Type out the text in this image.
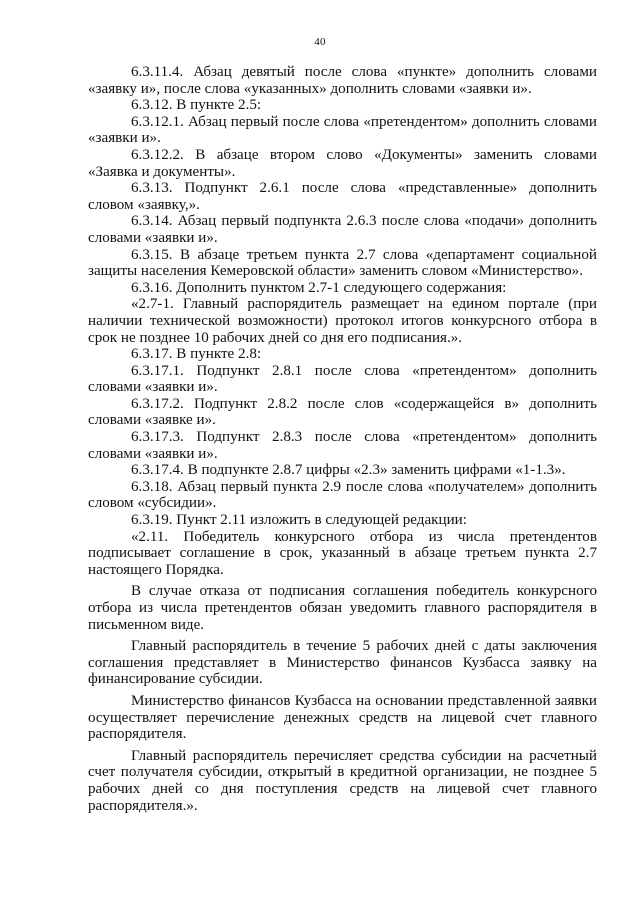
40

6.3.11.4. Абзац девятый после слова «пункте» дополнить словами «заявку и», после слова «указанных» дополнить словами «заявки и».

6.3.12. В пункте 2.5:

6.3.12.1. Абзац первый после слова «претендентом» дополнить словами «заявки и».

6.3.12.2. В абзаце втором слово «Документы» заменить словами «Заявка и документы».

6.3.13. Подпункт 2.6.1 после слова «представленные» дополнить словом «заявку,».

6.3.14. Абзац первый подпункта 2.6.3 после слова «подачи» дополнить словами «заявки и».

6.3.15. В абзаце третьем пункта 2.7 слова «департамент социальной защиты населения Кемеровской области» заменить словом «Министерство».

6.3.16. Дополнить пунктом 2.7-1 следующего содержания:

«2.7-1. Главный распорядитель размещает на едином портале (при наличии технической возможности) протокол итогов конкурсного отбора в срок не позднее 10 рабочих дней со дня его подписания.».

6.3.17. В пункте 2.8:

6.3.17.1. Подпункт 2.8.1 после слова «претендентом» дополнить словами «заявки и».

6.3.17.2. Подпункт 2.8.2 после слов «содержащейся в» дополнить словами «заявке и».

6.3.17.3. Подпункт 2.8.3 после слова «претендентом» дополнить словами «заявки и».

6.3.17.4. В подпункте 2.8.7 цифры «2.3» заменить цифрами «1-1.3».

6.3.18. Абзац первый пункта 2.9 после слова «получателем» дополнить словом «субсидии».

6.3.19. Пункт 2.11 изложить в следующей редакции:

«2.11. Победитель конкурсного отбора из числа претендентов подписывает соглашение в срок, указанный в абзаце третьем пункта 2.7 настоящего Порядка.

В случае отказа от подписания соглашения победитель конкурсного отбора из числа претендентов обязан уведомить главного распорядителя в письменном виде.

Главный распорядитель в течение 5 рабочих дней с даты заключения соглашения представляет в Министерство финансов Кузбасса заявку на финансирование субсидии.

Министерство финансов Кузбасса на основании представленной заявки осуществляет перечисление денежных средств на лицевой счет главного распорядителя.

Главный распорядитель перечисляет средства субсидии на расчетный счет получателя субсидии, открытый в кредитной организации, не позднее 5 рабочих дней со дня поступления средств на лицевой счет главного распорядителя.».
